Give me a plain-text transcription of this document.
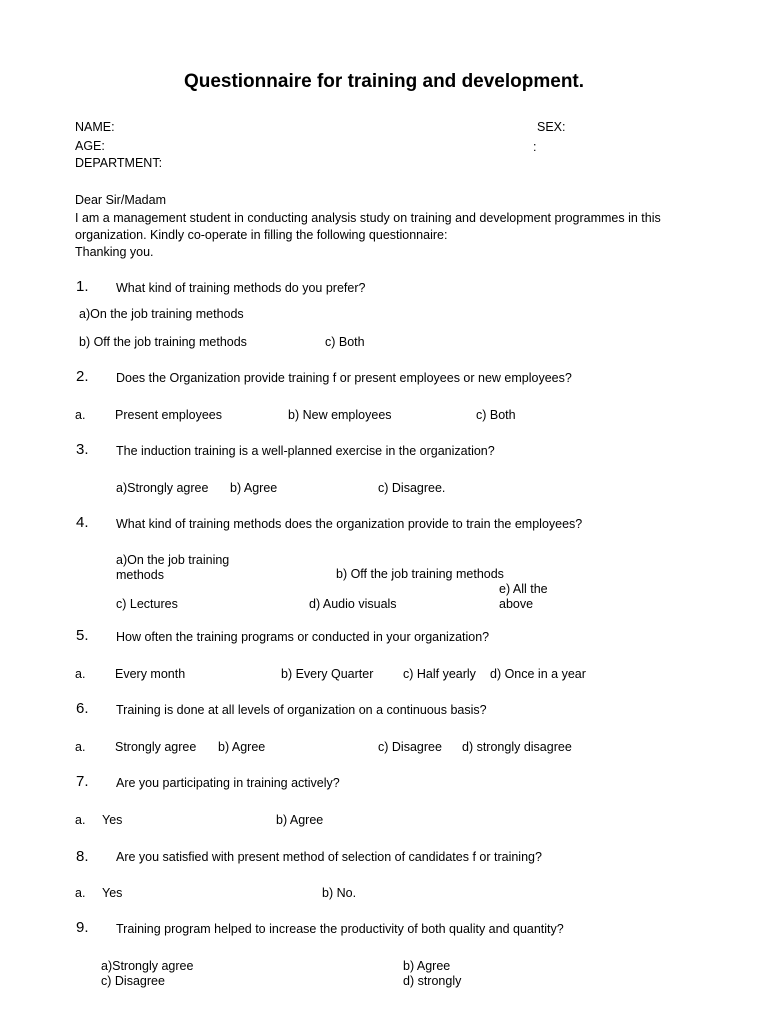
Questionnaire for training and development.
NAME:	SEX:
AGE:	:
DEPARTMENT:
Dear Sir/Madam
I am a management student in conducting analysis study on training and development programmes in this
organization. Kindly co-operate in filling the following questionnaire:
Thanking you.
1. What kind of training methods do you prefer?
a)On the job training methods
b) Off the job training methods	c) Both
2. Does the Organization provide training f or present employees or new employees?
a. Present employees	b) New employees	c) Both
3. The induction training is a well-planned exercise in the organization?
a)Strongly agree b) Agree	c) Disagree.
4. What kind of training methods does the organization provide to train the employees?
a)On the job training
methods	b) Off the job training methods
e) All the
above
c) Lectures	d) Audio visuals
5. How often the training programs or conducted in your organization?
a. Every month	b) Every Quarter c) Half yearly d) Once in a year
6. Training is done at all levels of organization on a continuous basis?
a. Strongly agree b) Agree	c) Disagree d) strongly disagree
7. Are you participating in training actively?
a. Yes	b) Agree
8. Are you satisfied with present method of selection of candidates f or training?
a. Yes	b) No.
9. Training program helped to increase the productivity of both quality and quantity?
a)Strongly agree	b) Agree
c) Disagree	d) strongly
